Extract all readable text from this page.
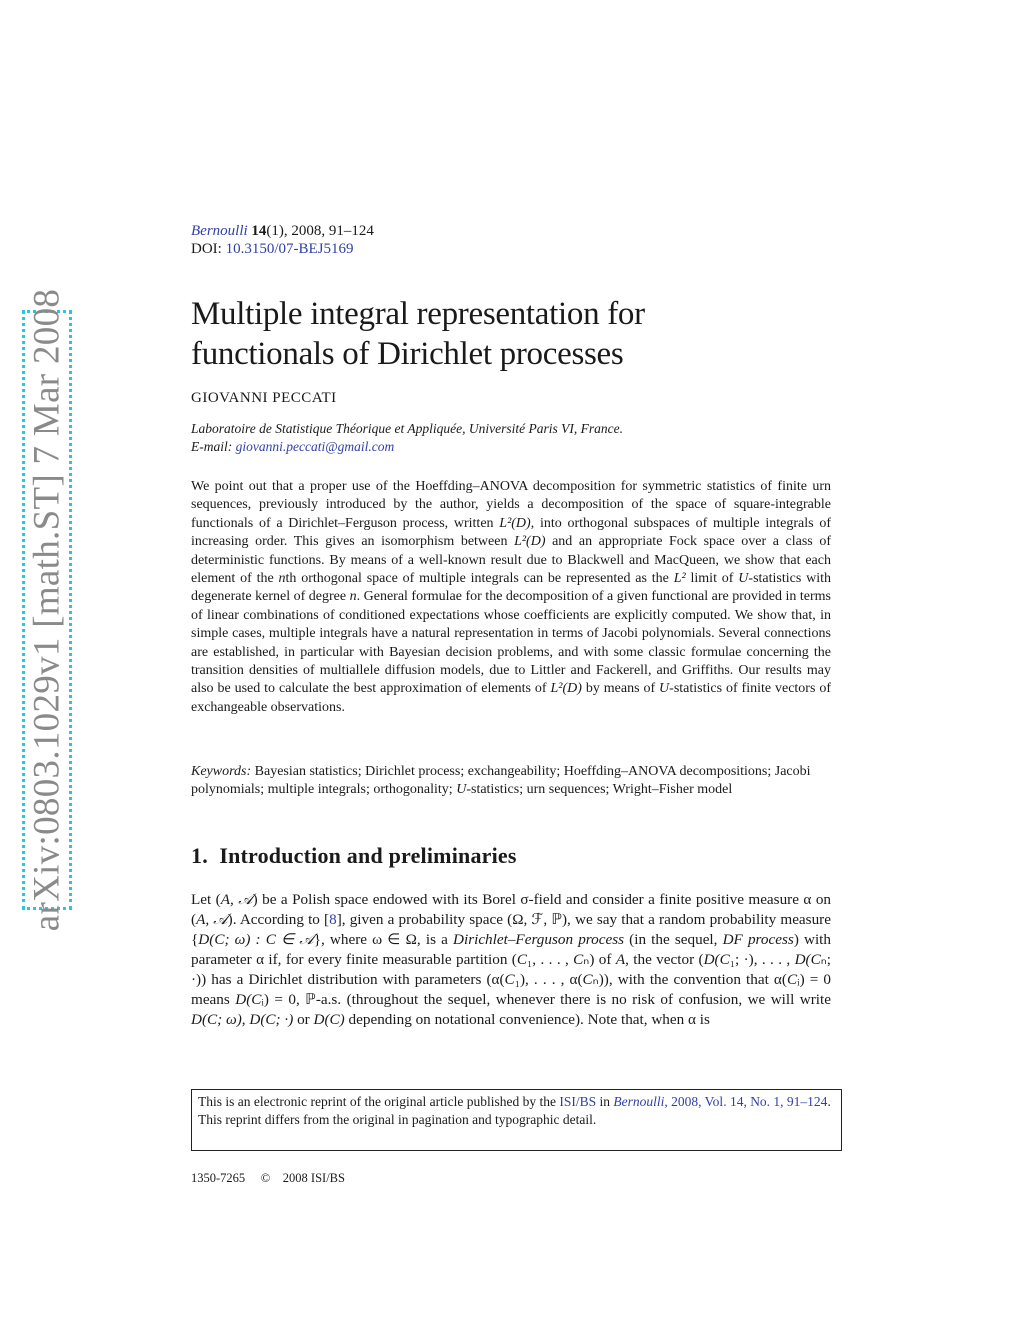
arXiv:0803.1029v1 [math.ST] 7 Mar 2008
Bernoulli 14(1), 2008, 91–124
DOI: 10.3150/07-BEJ5169
Multiple integral representation for
functionals of Dirichlet processes
GIOVANNI PECCATI
Laboratoire de Statistique Théorique et Appliquée, Université Paris VI, France.
E-mail: giovanni.peccati@gmail.com

We point out that a proper use of the Hoeffding–ANOVA decomposition for symmetric statistics of finite urn sequences, previously introduced by the author, yields a decomposition of the space of square-integrable functionals of a Dirichlet–Ferguson process, written L²(D), into orthogonal subspaces of multiple integrals of increasing order. This gives an isomorphism between L²(D) and an appropriate Fock space over a class of deterministic functions. By means of a well-known result due to Blackwell and MacQueen, we show that each element of the nth orthogonal space of multiple integrals can be represented as the L² limit of U-statistics with degenerate kernel of degree n. General formulae for the decomposition of a given functional are provided in terms of linear combinations of conditioned expectations whose coefficients are explicitly computed. We show that, in simple cases, multiple integrals have a natural representation in terms of Jacobi polynomials. Several connections are established, in particular with Bayesian decision problems, and with some classic formulae concerning the transition densities of multiallele diffusion models, due to Littler and Fackerell, and Griffiths. Our results may also be used to calculate the best approximation of elements of L²(D) by means of U-statistics of finite vectors of exchangeable observations.

Keywords: Bayesian statistics; Dirichlet process; exchangeability; Hoeffding–ANOVA decompositions; Jacobi polynomials; multiple integrals; orthogonality; U-statistics; urn sequences; Wright–Fisher model

1. Introduction and preliminaries

Let (A, 𝒜) be a Polish space endowed with its Borel σ-field and consider a finite positive measure α on (A, 𝒜). According to [8], given a probability space (Ω, ℱ, ℙ), we say that a random probability measure {D(C; ω) : C ∈ 𝒜}, where ω ∈ Ω, is a Dirichlet–Ferguson process (in the sequel, DF process) with parameter α if, for every finite measurable partition (C₁, . . . , Cₙ) of A, the vector (D(C₁; ·), . . . , D(Cₙ; ·)) has a Dirichlet distribution with parameters (α(C₁), . . . , α(Cₙ)), with the convention that α(Cᵢ) = 0 means D(Cᵢ) = 0, ℙ-a.s. (throughout the sequel, whenever there is no risk of confusion, we will write D(C; ω), D(C; ·) or D(C) depending on notational convenience). Note that, when α is

This is an electronic reprint of the original article published by the ISI/BS in Bernoulli, 2008, Vol. 14, No. 1, 91–124. This reprint differs from the original in pagination and typographic detail.
1350-7265 © 2008 ISI/BS
